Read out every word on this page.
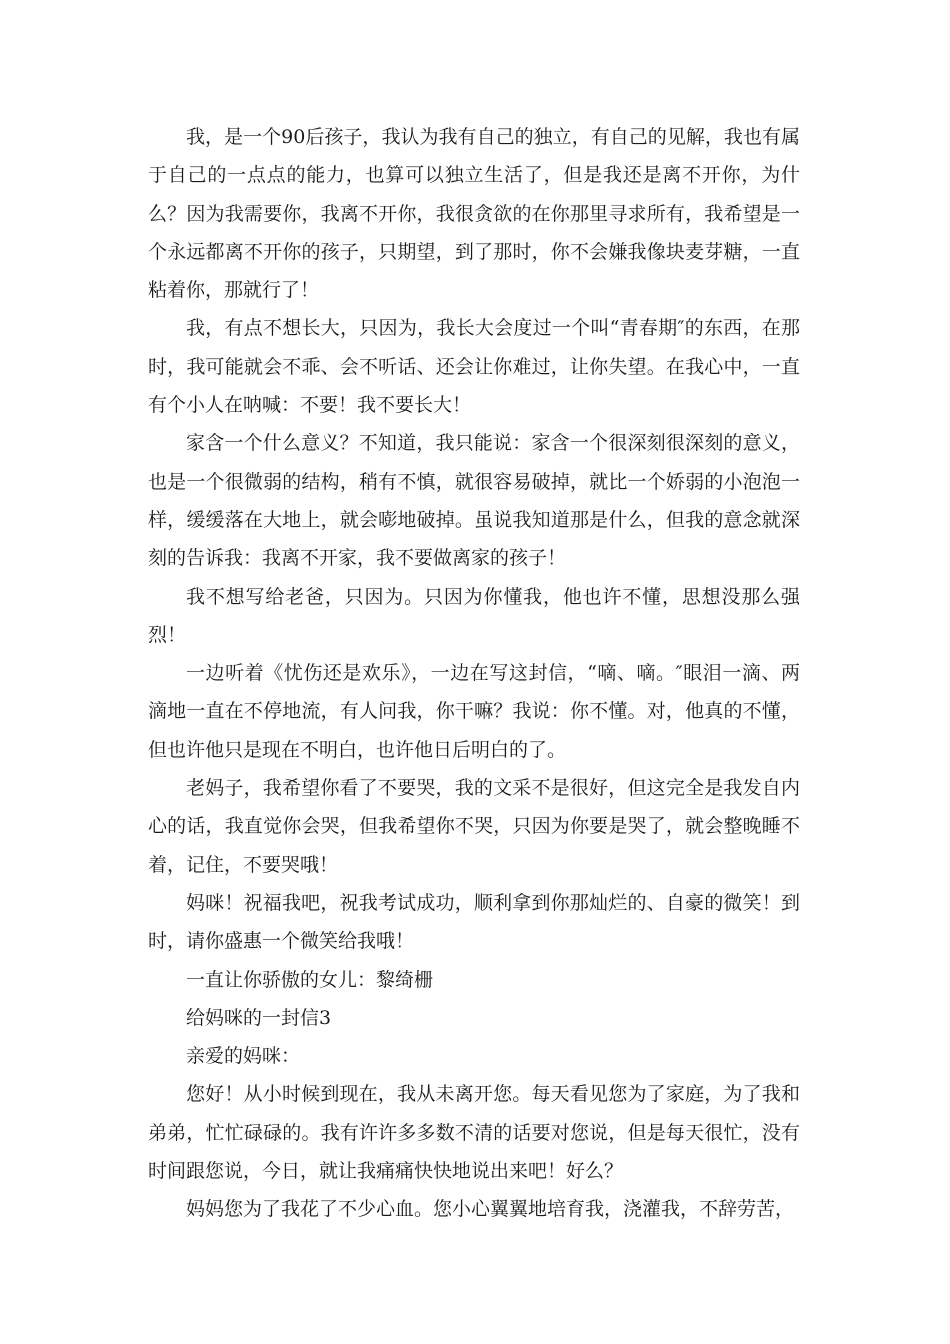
我，是一个90后孩子，我认为我有自己的独立，有自己的见解，我也有属于自己的一点点的能力，也算可以独立生活了，但是我还是离不开你，为什么？因为我需要你，我离不开你，我很贪欲的在你那里寻求所有，我希望是一个永远都离不开你的孩子，只期望，到了那时，你不会嫌我像块麦芽糖，一直粘着你，那就行了！

我，有点不想长大，只因为，我长大会度过一个叫“青春期″的东西，在那时，我可能就会不乖、会不听话、还会让你难过，让你失望。在我心中，一直有个小人在呐喊：不要！我不要长大！

家含一个什么意义？不知道，我只能说：家含一个很深刻很深刻的意义，也是一个很微弱的结构，稍有不慎，就很容易破掉，就比一个娇弱的小泡泡一样，缓缓落在大地上，就会嘭地破掉。虽说我知道那是什么，但我的意念就深刻的告诉我：我离不开家，我不要做离家的孩子！

我不想写给老爸，只因为。只因为你懂我，他也许不懂，思想没那么强烈！

一边听着《忧伤还是欢乐》，一边在写这封信，“嘀、嘀。″眼泪一滴、两滴地一直在不停地流，有人问我，你干嘛？我说：你不懂。对，他真的不懂，但也许他只是现在不明白，也许他日后明白的了。

老妈子，我希望你看了不要哭，我的文采不是很好，但这完全是我发自内心的话，我直觉你会哭，但我希望你不哭，只因为你要是哭了，就会整晚睡不着，记住，不要哭哦！

妈咪！祝福我吧，祝我考试成功，顺利拿到你那灿烂的、自豪的微笑！到时，请你盛惠一个微笑给我哦！

一直让你骄傲的女儿：黎绮栅

给妈咪的一封信3

亲爱的妈咪：

您好！从小时候到现在，我从未离开您。每天看见您为了家庭，为了我和弟弟，忙忙碌碌的。我有许许多多数不清的话要对您说，但是每天很忙，没有时间跟您说，今日，就让我痛痛快快地说出来吧！好么？

妈妈您为了我花了不少心血。您小心翼翼地培育我，浇灌我，不辞劳苦，
